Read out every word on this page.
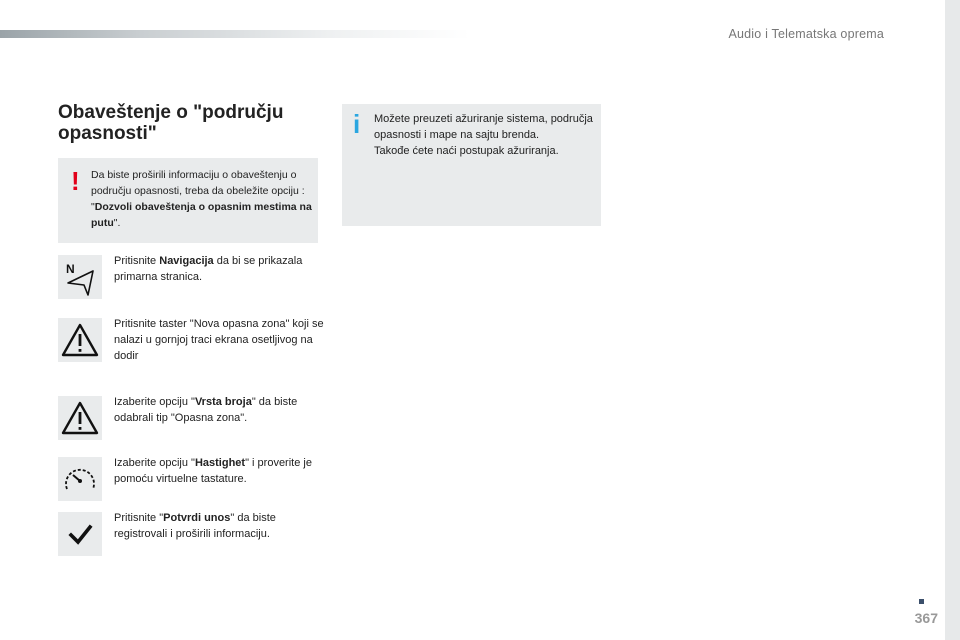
Audio i Telematska oprema
Obaveštenje o "području opasnosti"
! Da biste proširili informaciju o obaveštenju o području opasnosti, treba da obeležite opciju : "Dozvoli obaveštenja o opasnim mestima na putu".
i Možete preuzeti ažuriranje sistema, područja opasnosti i mape na sajtu brenda.
Takođe ćete naći postupak ažuriranja.
N
Pritisnite Navigacija da bi se prikazala primarna stranica.
Pritisnite taster "Nova opasna zona" koji se nalazi u gornjoj traci ekrana osetljivog na dodir
Izaberite opciju "Vrsta broja" da biste odabrali tip "Opasna zona".
Izaberite opciju "Hastighet" i proverite je pomoću virtuelne tastature.
Pritisnite "Potvrdi unos" da biste registrovali i proširili informaciju.
367
